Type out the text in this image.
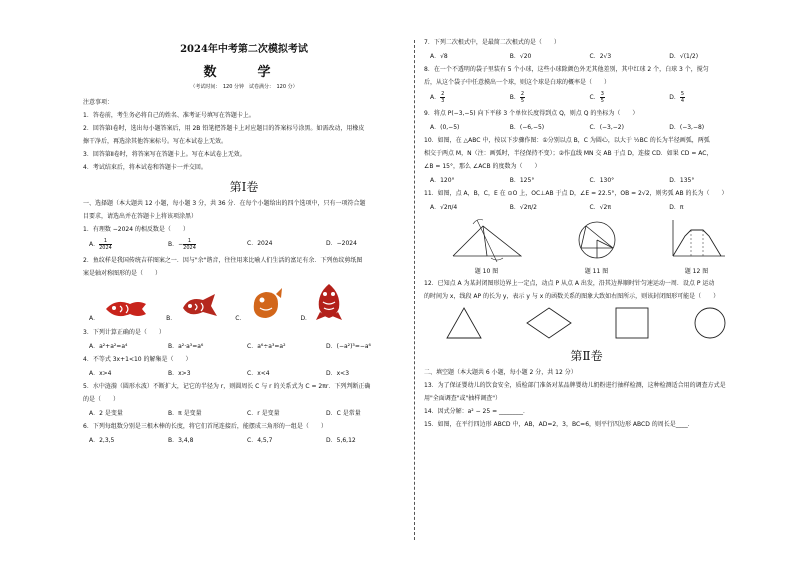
2024年中考第二次模拟考试
数　学
（考试时间：　120 分钟　试卷满分：　120 分）
注意事项：
1．答卷前，考生务必将自己的姓名、准考证号填写在答题卡上。
2．回答第Ⅰ卷时，选出每小题答案后，用 2B 铅笔把答题卡上对应题目的答案标号涂黑。如需改动，用橡皮
擦干净后，再选涂其他答案标号。写在本试卷上无效。
3．回答第Ⅱ卷时，将答案写在答题卡上。写在本试卷上无效。
4．考试结束后，将本试卷和答题卡一并交回。
第Ⅰ卷
一、选择题（本大题共 12 小题，每小题 3 分，共 36 分．在每个小题给出的四个选项中，只有一项符合题
目要求，请选出并在答题卡上将该项涂黑）
1．有理数 −2024 的相反数是（　　）
A． $\frac{1}{2024}$	B．− $\frac{1}{2024}$	C．2024	D．−2024
2．鱼纹样是我国传统吉祥图案之一．因与"余"谐音，往往用来比喻人们生活的富足有余．下列鱼纹剪纸图
案是轴对称图形的是（　　）
A．	B．	C．	D．
3．下列计算正确的是（　　）
A．a²+a²=a⁴	B．a²·a³=a⁶	C．a⁶÷a³=a²	D．(−a²)³=−a⁶
4．不等式 3x+1<10 的解集是（　　）
A．x>4	B．x>3	C．x<4	D．x<3
5．水中涟漪（圆形水波）不断扩大，记它的半径为 r，则圆周长 C 与 r 的关系式为 C = 2πr．下列判断正确
的是（　　）
A．2 是变量	B．π 是变量	C．r 是变量	D．C 是常量
6．下列每组数分别是三根木棒的长度，将它们首尾连接后，能摆成三角形的一组是（　　）
A．2,3,5	B．3,4,8	C．4,5,7	D．5,6,12
7．下列二次根式中，是最简二次根式的是（　　）
A．√8	B．√20	C．2√3	D．√(1/2)
8．在一个不透明的袋子里装有 5 个小球，这些小球除颜色外无其他差别，其中红球 2 个，白球 3 个，搅匀
后，从这个袋子中任意摸出一个球，则这个球是白球的概率是（　　）
A． $\frac{2}{3}$	B． $\frac{2}{5}$	C． $\frac{3}{5}$	D． $\frac{5}{4}$
9．将点 P(−3,−5) 向下平移 3 个单位长度得到点 Q，则点 Q 的坐标为（　　）
A．(0,−5)	B．(−6,−5)	C．(−3,−2)	D．(−3,−8)
10．如图，在 △ABC 中，按以下步骤作图：①分别以点 B，C 为圆心，以大于 ½BC 的长为半径画弧，两弧
相交于两点 M，N（注：画弧时，半径保持不变）；②作直线 MN 交 AB 于点 D，连接 CD．如果 CD = AC，
∠B = 15°，那么 ∠ACB 的度数为（　　）
A．120°	B．125°	C．130°	D．135°
11．如图，点 A，B，C，E 在 ⊙O 上，OC⊥AB 于点 D，∠E = 22.5°，OB = 2√2，则劣弧 AB 的长为（　　）
A．√2π/4	B．√2π/2	C．√2π	D．π
题 10 图	题 11 图	题 12 图
12．已知点 A 为某封闭图形边界上一定点，动点 P 从点 A 出发，沿其边界顺时针匀速运动一周．设点 P 运动
的时间为 x，线段 AP 的长为 y，表示 y 与 x 的函数关系的图象大致如右图所示，则该封闭图形可能是（　　）
第Ⅱ卷
二、填空题（本大题共 6 小题，每小题 2 分，共 12 分）
13．为了保证婴幼儿的饮食安全，质检部门准备对某品牌婴幼儿奶粉进行抽样检测，这种检测适合用的调查方式是
用"全面调查"或"抽样调查"）
14．因式分解：a² − 25 = ________．
15．如图，在平行四边形 ABCD 中，AB，AD=2，3，BC=6，则平行四边形 ABCD 的周长是____．
